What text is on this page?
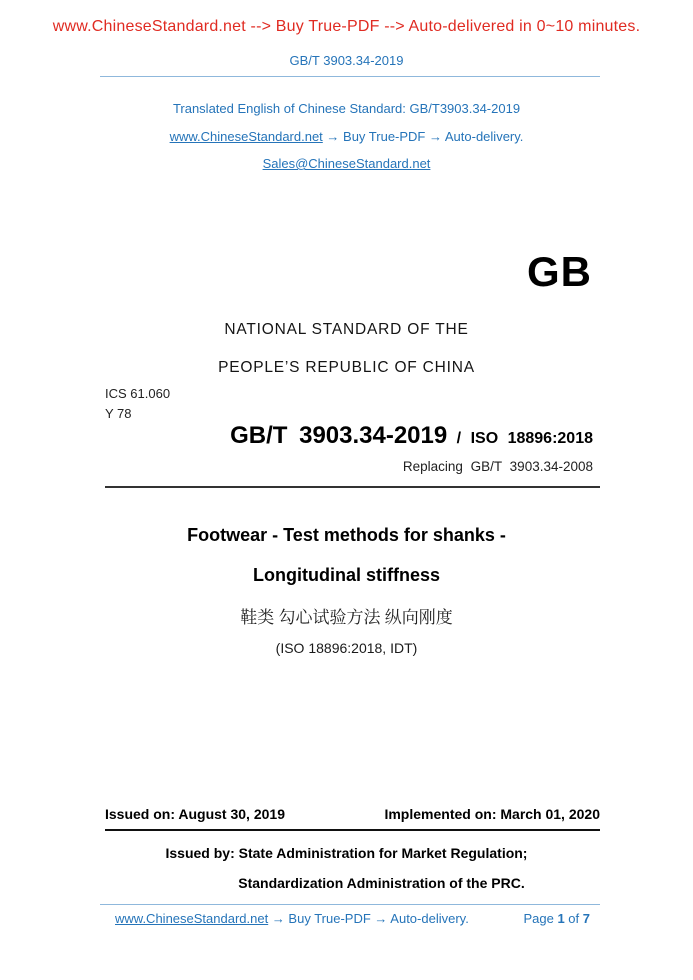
www.ChineseStandard.net --> Buy True-PDF --> Auto-delivered in 0~10 minutes.
GB/T 3903.34-2019
Translated English of Chinese Standard: GB/T3903.34-2019
www.ChineseStandard.net → Buy True-PDF → Auto-delivery.
Sales@ChineseStandard.net
GB
NATIONAL STANDARD OF THE
PEOPLE’S REPUBLIC OF CHINA
ICS 61.060
Y 78
GB/T 3903.34-2019 / ISO 18896:2018
Replacing GB/T 3903.34-2008
Footwear - Test methods for shanks -
Longitudinal stiffness
鞋类 勾心试验方法 纵向刚度
(ISO 18896:2018, IDT)
Issued on: August 30, 2019	Implemented on: March 01, 2020
Issued by: State Administration for Market Regulation;
Standardization Administration of the PRC.
www.ChineseStandard.net → Buy True-PDF → Auto-delivery.	Page 1 of 7
